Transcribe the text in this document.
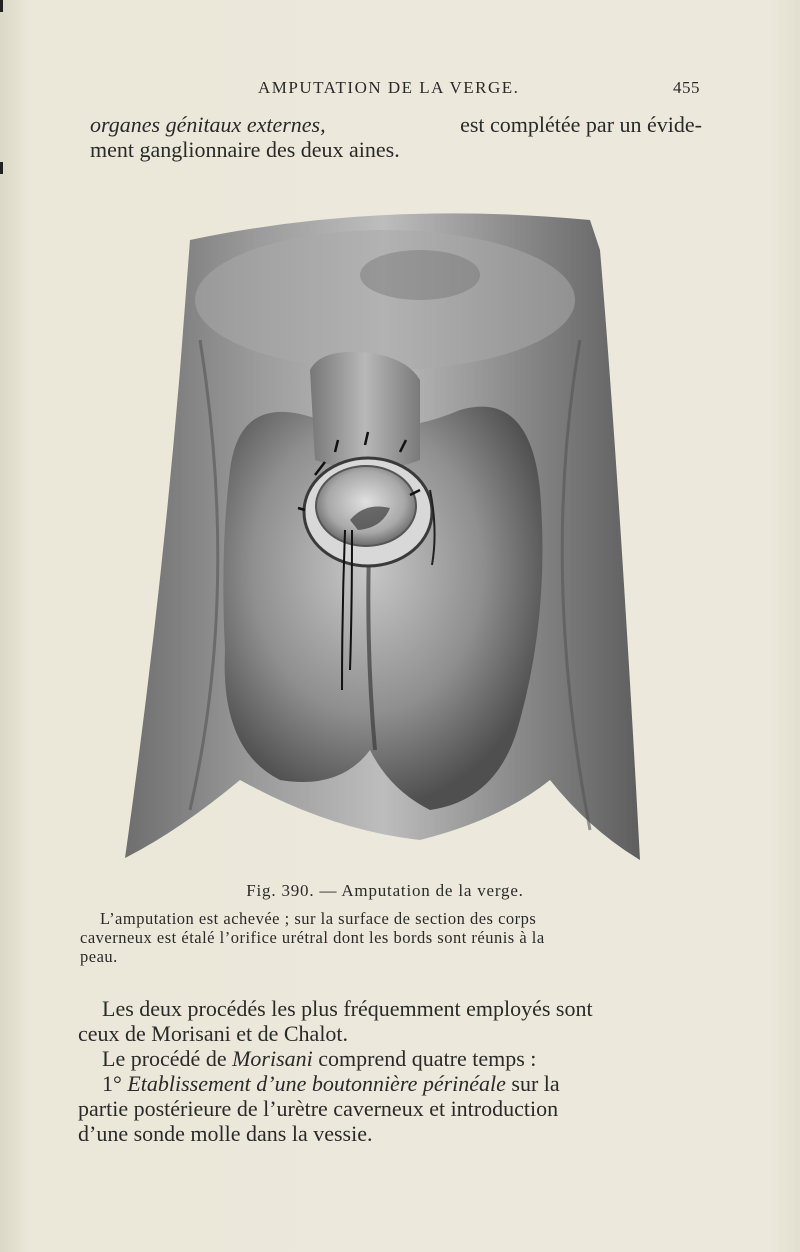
AMPUTATION DE LA VERGE.	455
organes génitaux externes,	est complétée par un évide-
ment ganglionnaire des deux aines.
Fig. 390. — Amputation de la verge.
L’amputation est achevée ; sur la surface de section des corps
caverneux est étalé l’orifice urétral dont les bords sont réunis à la
peau.
Les deux procédés les plus fréquemment employés sont
ceux de Morisani et de Chalot.
Le procédé de Morisani comprend quatre temps :
1° Etablissement d’une boutonnière périnéale sur la
partie postérieure de l’urètre caverneux et introduction
d’une sonde molle dans la vessie.
